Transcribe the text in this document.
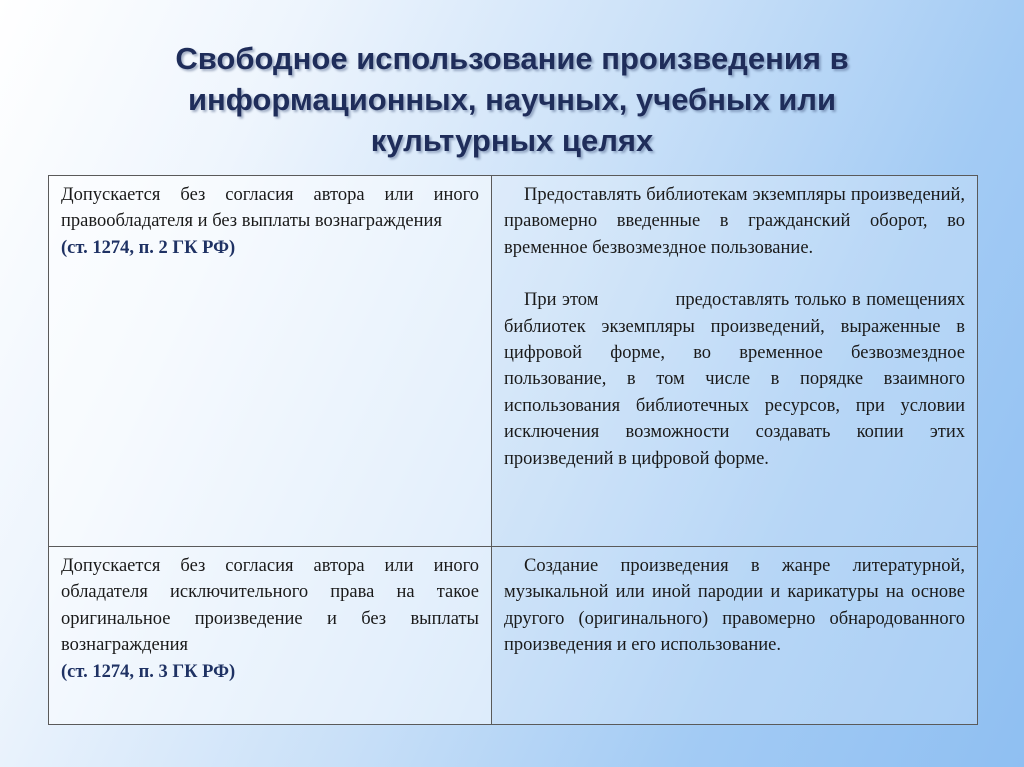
Свободное использование произведения в
информационных, научных, учебных или
культурных целях
Допускается без согласия автора или иного правообладателя и без выплаты вознаграждения
(ст. 1274, п. 2 ГК РФ)	Предоставлять библиотекам экземпляры произведений, правомерно введенные в гражданский оборот, во временное безвозмездное пользование.
При этом              предоставлять только в помещениях библиотек экземпляры произведений, выраженные в цифровой форме, во временное безвозмездное пользование, в том числе в порядке взаимного использования библиотечных ресурсов, при условии исключения возможности создавать копии этих произведений в цифровой форме.

Допускается без согласия автора или иного обладателя исключительного права на такое оригинальное произведение и без выплаты вознаграждения
(ст. 1274, п. 3 ГК РФ)	Создание произведения в жанре литературной, музыкальной или иной пародии и карикатуры на основе другого (оригинального) правомерно обнародованного произведения и его использование.
